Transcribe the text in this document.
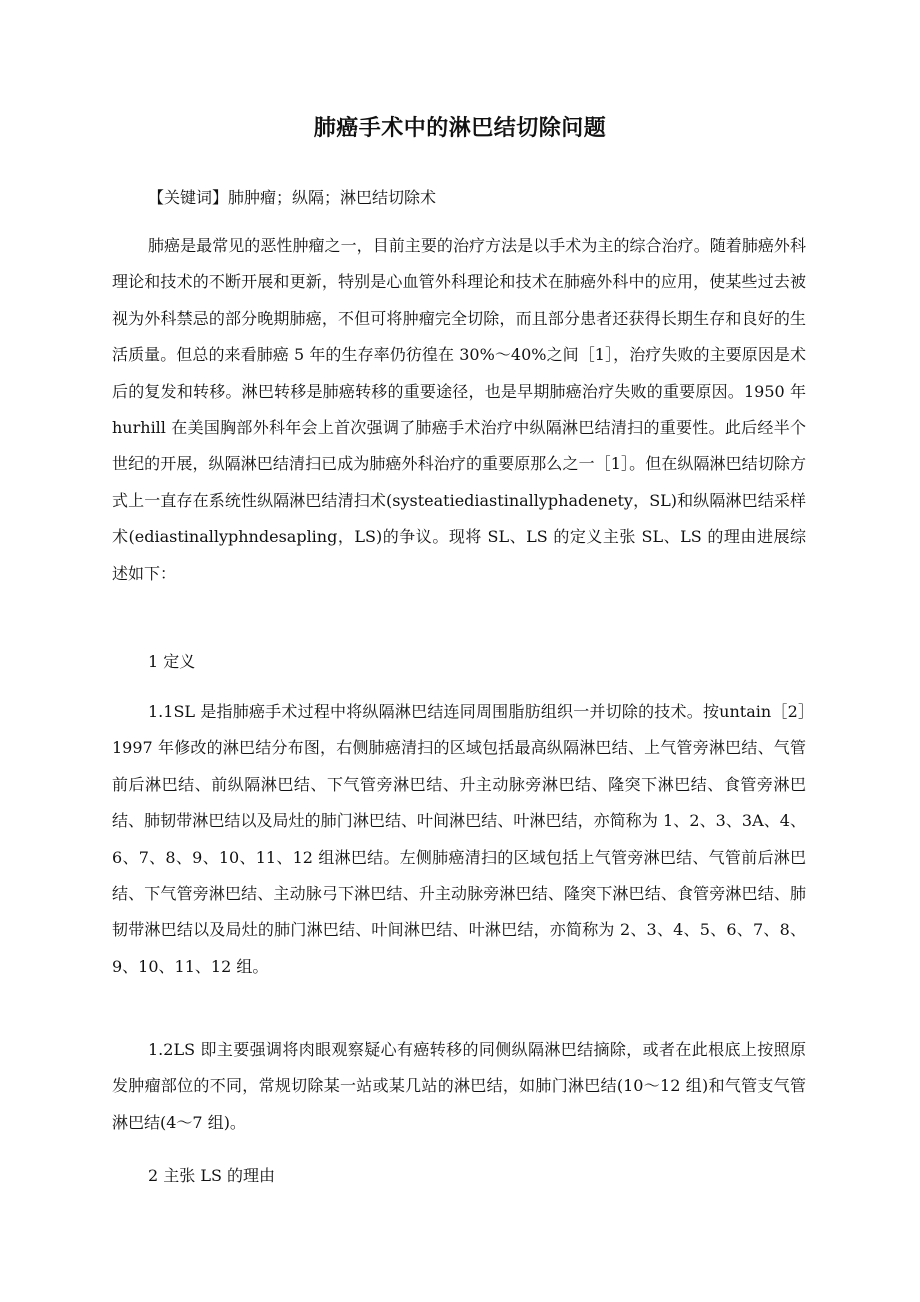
肺癌手术中的淋巴结切除问题
【关键词】肺肿瘤；纵隔；淋巴结切除术

肺癌是最常见的恶性肿瘤之一，目前主要的治疗方法是以手术为主的综合治疗。随着肺癌外科理论和技术的不断开展和更新，特别是心血管外科理论和技术在肺癌外科中的应用，使某些过去被视为外科禁忌的部分晚期肺癌，不但可将肿瘤完全切除，而且部分患者还获得长期生存和良好的生活质量。但总的来看肺癌 5 年的生存率仍彷徨在 30%～40%之间［1］，治疗失败的主要原因是术后的复发和转移。淋巴转移是肺癌转移的重要途径，也是早期肺癌治疗失败的重要原因。1950 年 hurhill 在美国胸部外科年会上首次强调了肺癌手术治疗中纵隔淋巴结清扫的重要性。此后经半个世纪的开展，纵隔淋巴结清扫已成为肺癌外科治疗的重要原那么之一［1］。但在纵隔淋巴结切除方式上一直存在系统性纵隔淋巴结清扫术(systeatiediastinallyphadenety，SL)和纵隔淋巴结采样术(ediastinallyphndesapling，LS)的争议。现将 SL、LS 的定义主张 SL、LS 的理由进展综述如下：

1 定义

1.1SL 是指肺癌手术过程中将纵隔淋巴结连同周围脂肪组织一并切除的技术。按untain［2］1997 年修改的淋巴结分布图，右侧肺癌清扫的区域包括最高纵隔淋巴结、上气管旁淋巴结、气管前后淋巴结、前纵隔淋巴结、下气管旁淋巴结、升主动脉旁淋巴结、隆突下淋巴结、食管旁淋巴结、肺韧带淋巴结以及局灶的肺门淋巴结、叶间淋巴结、叶淋巴结，亦简称为 1、2、3、3A、4、6、7、8、9、10、11、12 组淋巴结。左侧肺癌清扫的区域包括上气管旁淋巴结、气管前后淋巴结、下气管旁淋巴结、主动脉弓下淋巴结、升主动脉旁淋巴结、隆突下淋巴结、食管旁淋巴结、肺韧带淋巴结以及局灶的肺门淋巴结、叶间淋巴结、叶淋巴结，亦简称为 2、3、4、5、6、7、8、9、10、11、12 组。

1.2LS 即主要强调将肉眼观察疑心有癌转移的同侧纵隔淋巴结摘除，或者在此根底上按照原发肿瘤部位的不同，常规切除某一站或某几站的淋巴结，如肺门淋巴结(10～12 组)和气管支气管淋巴结(4～7 组)。

2 主张 LS 的理由
